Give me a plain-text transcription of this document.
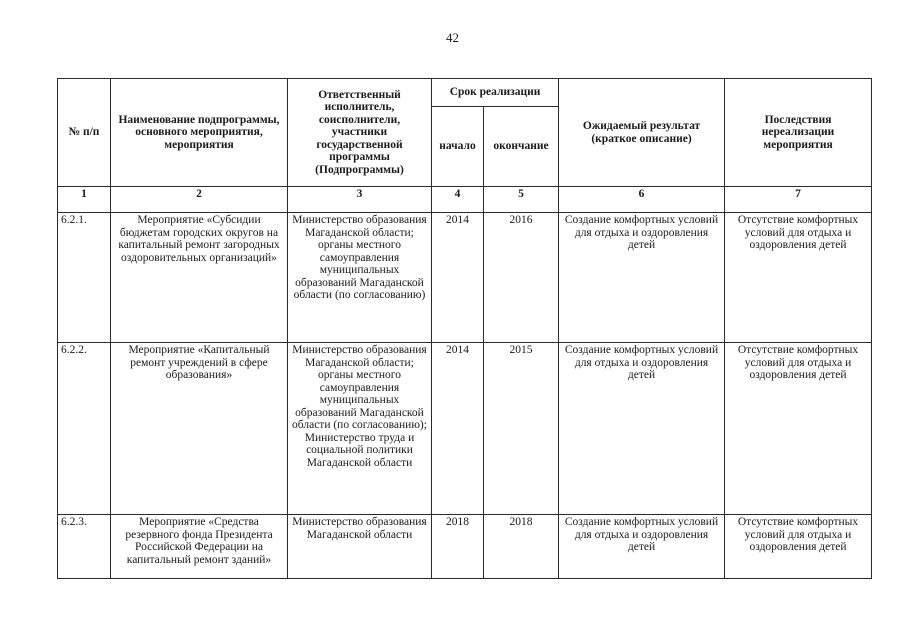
42
№ п/п	Наименование подпрограммы, основного мероприятия, мероприятия	Ответственный исполнитель, соисполнители, участники государственной программы (Подпрограммы)	Срок реализации		Ожидаемый результат (краткое описание)	Последствия нереализации мероприятия
			начало	окончание		
1	2	3	4	5	6	7
6.2.1.	Мероприятие «Субсидии бюджетам городских округов на капитальный ремонт загородных оздоровительных организаций»	Министерство образования Магаданской области; органы местного самоуправления муниципальных образований Магаданской области (по согласованию)	2014	2016	Создание комфортных условий для отдыха и оздоровления детей	Отсутствие комфортных условий для отдыха и оздоровления детей
6.2.2.	Мероприятие «Капитальный ремонт учреждений в сфере образования»	Министерство образования Магаданской области; органы местного самоуправления муниципальных образований Магаданской области (по согласованию); Министерство труда и социальной политики Магаданской области	2014	2015	Создание комфортных условий для отдыха и оздоровления детей	Отсутствие комфортных условий для отдыха и оздоровления детей
6.2.3.	Мероприятие «Средства резервного фонда Президента Российской Федерации на капитальный ремонт зданий»	Министерство образования Магаданской области	2018	2018	Создание комфортных условий для отдыха и оздоровления детей	Отсутствие комфортных условий для отдыха и оздоровления детей
